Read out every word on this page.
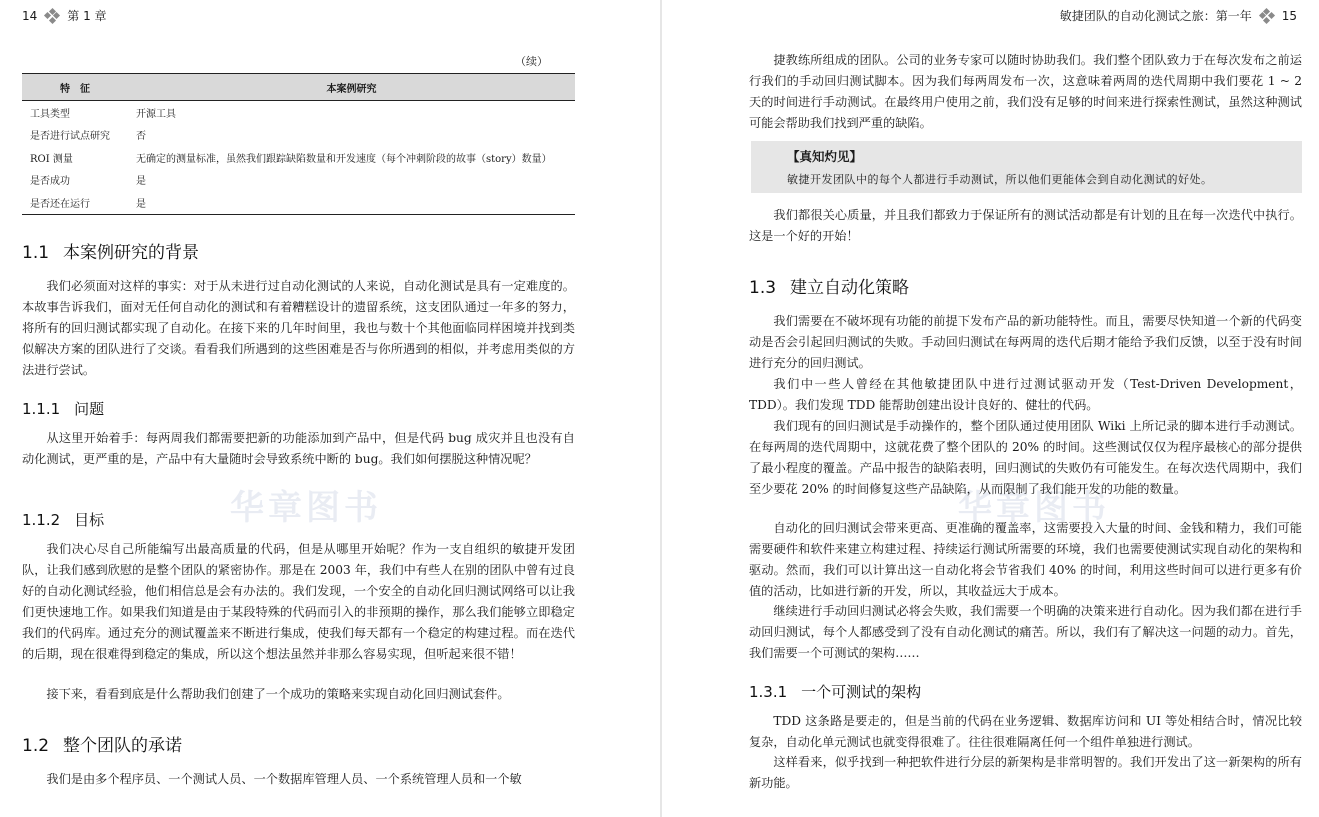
14	第 1 章
华章图书
（续）
特　征	本案例研究
工具类型	开源工具
是否进行试点研究	否
ROI 测量	无确定的测量标准，虽然我们跟踪缺陷数量和开发速度（每个冲刺阶段的故事（story）数量）
是否成功	是
是否还在运行	是
1.1 本案例研究的背景

我们必须面对这样的事实：对于从未进行过自动化测试的人来说，自动化测试是具有一定难度的。本故事告诉我们，面对无任何自动化的测试和有着糟糕设计的遗留系统，这支团队通过一年多的努力，将所有的回归测试都实现了自动化。在接下来的几年时间里，我也与数十个其他面临同样困境并找到类似解决方案的团队进行了交谈。看看我们所遇到的这些困难是否与你所遇到的相似，并考虑用类似的方法进行尝试。

1.1.1 问题

从这里开始着手：每两周我们都需要把新的功能添加到产品中，但是代码 bug 成灾并且也没有自动化测试，更严重的是，产品中有大量随时会导致系统中断的 bug。我们如何摆脱这种情况呢？

1.1.2 目标

我们决心尽自己所能编写出最高质量的代码，但是从哪里开始呢？作为一支自组织的敏捷开发团队，让我们感到欣慰的是整个团队的紧密协作。那是在 2003 年，我们中有些人在别的团队中曾有过良好的自动化测试经验，他们相信总是会有办法的。我们发现，一个安全的自动化回归测试网络可以让我们更快速地工作。如果我们知道是由于某段特殊的代码而引入的非预期的操作，那么我们能够立即稳定我们的代码库。通过充分的测试覆盖来不断进行集成，使我们每天都有一个稳定的构建过程。而在迭代的后期，现在很难得到稳定的集成，所以这个想法虽然并非那么容易实现，但听起来很不错！

接下来，看看到底是什么帮助我们创建了一个成功的策略来实现自动化回归测试套件。

1.2 整个团队的承诺

我们是由多个程序员、一个测试人员、一个数据库管理人员、一个系统管理人员和一个敏

敏捷团队的自动化测试之旅：第一年	15
华章图书

捷教练所组成的团队。公司的业务专家可以随时协助我们。我们整个团队致力于在每次发布之前运行我们的手动回归测试脚本。因为我们每两周发布一次，这意味着两周的迭代周期中我们要花 1 ~ 2 天的时间进行手动测试。在最终用户使用之前，我们没有足够的时间来进行探索性测试，虽然这种测试可能会帮助我们找到严重的缺陷。

【真知灼见】
敏捷开发团队中的每个人都进行手动测试，所以他们更能体会到自动化测试的好处。

我们都很关心质量，并且我们都致力于保证所有的测试活动都是有计划的且在每一次迭代中执行。这是一个好的开始！

1.3 建立自动化策略

我们需要在不破坏现有功能的前提下发布产品的新功能特性。而且，需要尽快知道一个新的代码变动是否会引起回归测试的失败。手动回归测试在每两周的迭代后期才能给予我们反馈，以至于没有时间进行充分的回归测试。

我们中一些人曾经在其他敏捷团队中进行过测试驱动开发（Test-Driven Development，TDD）。我们发现 TDD 能帮助创建出设计良好的、健壮的代码。

我们现有的回归测试是手动操作的，整个团队通过使用团队 Wiki 上所记录的脚本进行手动测试。在每两周的迭代周期中，这就花费了整个团队的 20% 的时间。这些测试仅仅为程序最核心的部分提供了最小程度的覆盖。产品中报告的缺陷表明，回归测试的失败仍有可能发生。在每次迭代周期中，我们至少要花 20% 的时间修复这些产品缺陷，从而限制了我们能开发的功能的数量。

自动化的回归测试会带来更高、更准确的覆盖率，这需要投入大量的时间、金钱和精力，我们可能需要硬件和软件来建立构建过程、持续运行测试所需要的环境，我们也需要使测试实现自动化的架构和驱动。然而，我们可以计算出这一自动化将会节省我们 40% 的时间，利用这些时间可以进行更多有价值的活动，比如进行新的开发，所以，其收益远大于成本。

继续进行手动回归测试必将会失败，我们需要一个明确的决策来进行自动化。因为我们都在进行手动回归测试，每个人都感受到了没有自动化测试的痛苦。所以，我们有了解决这一问题的动力。首先，我们需要一个可测试的架构……

1.3.1 一个可测试的架构

TDD 这条路是要走的，但是当前的代码在业务逻辑、数据库访问和 UI 等处相结合时，情况比较复杂，自动化单元测试也就变得很难了。往往很难隔离任何一个组件单独进行测试。

这样看来，似乎找到一种把软件进行分层的新架构是非常明智的。我们开发出了这一新架构的所有新功能。
